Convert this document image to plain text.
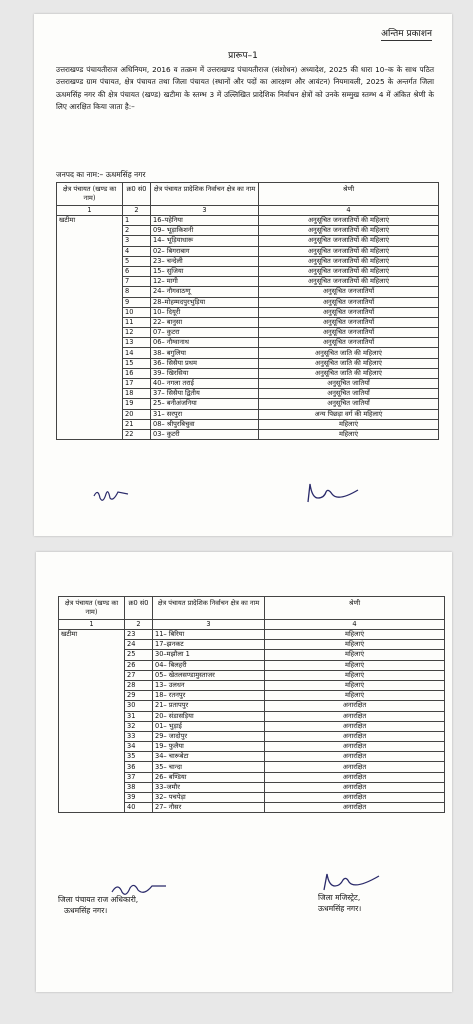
अन्तिम प्रकाशन
प्रारूप–1
उत्तराखण्ड पंचायतीराज अधिनियम, 2016 व तत्क्रम में उत्तराखण्ड पंचायतीराज (संशोधन) अध्यादेश, 2025 की धारा 10–क के साथ पठित उत्तराखण्ड ग्राम पंचायत, क्षेत्र पंचायत तथा जिला पंचायत (स्थानों और पदों का आरक्षण और आवंटन) नियमावली, 2025 के अन्तर्गत जिला ऊधमसिंह नगर की क्षेत्र पंचायत (खण्ड) खटीमा के स्तम्भ 3 में उल्लिखित प्रादेशिक निर्वाचन क्षेत्रों को उनके सम्मुख स्तम्भ 4 में अंकित श्रेणी के लिए आरक्षित किया जाता है:–
जनपद का नाम:– ऊधमसिंह नगर
क्षेत्र पंचायत (खण्ड का नाम)	क्र0 सं0	क्षेत्र पंचायत प्रादेशिक निर्वाचन क्षेत्र का नाम	श्रेणी
1	2	3	4
खटीमा	1	16–पहेनिया	अनुसूचित जनजातियों की महिलाएं
	2	09– भूड़ाकिशनी	अनुसूचित जनजातियों की महिलाएं
	3	14– भूड़ियाधारू	अनुसूचित जनजातियों की महिलाएं
	4	02– बिगराबाग	अनुसूचित जनजातियों की महिलाएं
	5	23– चन्देली	अनुसूचित जनजातियों की महिलाएं
	6	15– सुजिया	अनुसूचित जनजातियों की महिलाएं
	7	12– मागी	अनुसूचित जनजातियों की महिलाएं
	8	24– नौगवाठग्गू	अनुसूचित जनजातियाँ
	9	28–मोहम्मदपुरभुड़िया	अनुसूचित जनजातियाँ
	10	10– दियूरी	अनुसूचित जनजातियाँ
	11	22– बानुसा	अनुसूचित जनजातियाँ
	12	07– कुटरा	अनुसूचित जनजातियाँ
	13	06– नौग्वानाथ	अनुसूचित जनजातियाँ
	14	38– बगुलिया	अनुसूचित जाति की महिलाएं
	15	36– सिसैया प्रथम	अनुसूचित जाति की महिलाएं
	16	39– खिरसिया	अनुसूचित जाति की महिलाएं
	17	40– नगला तराई	अनुसूचित जातियाँ
	18	37– सिसैया द्वितीय	अनुसूचित जातियाँ
	19	25– बनीअंजनिया	अनुसूचित जातियाँ
	20	31– सरपुरा	अन्य पिछड़ा वर्ग की महिलाएं
	21	08– श्रीपुरबिचुवा	महिलाएं
	22	03– कुटरी	महिलाएं
क्षेत्र पंचायत (खण्ड का नाम)	क्र0 सं0	क्षेत्र पंचायत प्रादेशिक निर्वाचन क्षेत्र का नाम	श्रेणी
1	2	3	4
खटीमा	23	11– बिरिया	महिलाएं
	24	17–झनकट	महिलाएं
	25	30–मझौला 1	महिलाएं
	26	04– बिलहरी	महिलाएं
	27	05– खेतलसण्डामुस्ताजर	महिलाएं
	28	13– उलधन	महिलाएं
	29	18– रतनपुर	महिलाएं
	30	21– प्रतापपुर	अनारक्षित
	31	20– संडासड़िया	अनारक्षित
	32	01– भुड़ाई	अनारक्षित
	33	29– जादोपुर	अनारक्षित
	34	19– फुलैया	अनारक्षित
	35	34– चारूबेटा	अनारक्षित
	36	35– चान्दा	अनारक्षित
	37	26– बण्डिया	अनारक्षित
	38	33–जमौर	अनारक्षित
	39	32– पचपेड़ा	अनारक्षित
	40	27– नौसर	अनारक्षित
जिला पंचायत राज अधिकारी,
ऊधमसिंह नगर।
जिला मजिस्ट्रेट,
ऊधमसिंह नगर।
